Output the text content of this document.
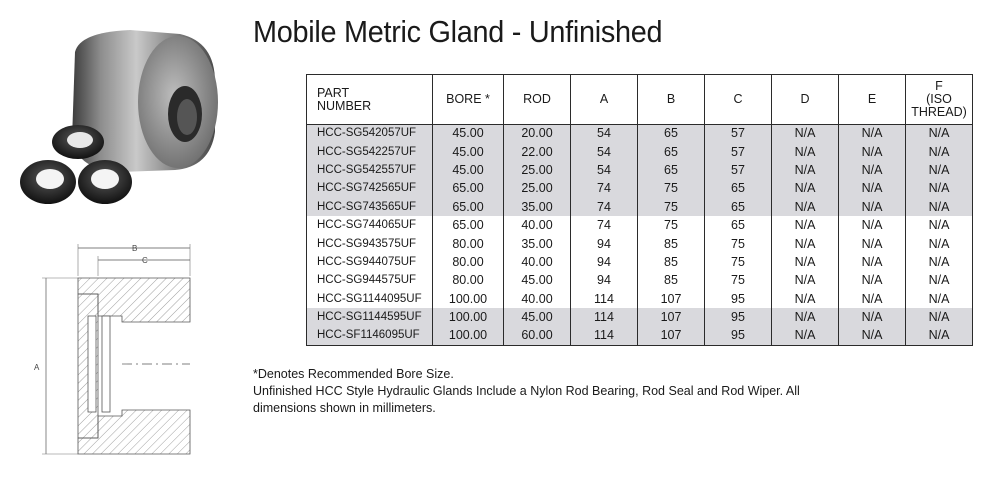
Mobile Metric Gland - Unfinished
B
C
A
PART
NUMBER	BORE *	ROD	A	B	C	D	E	F
(ISO
THREAD)
HCC-SG542057UF	45.00	20.00	54	65	57	N/A	N/A	N/A
HCC-SG542257UF	45.00	22.00	54	65	57	N/A	N/A	N/A
HCC-SG542557UF	45.00	25.00	54	65	57	N/A	N/A	N/A
HCC-SG742565UF	65.00	25.00	74	75	65	N/A	N/A	N/A
HCC-SG743565UF	65.00	35.00	74	75	65	N/A	N/A	N/A
HCC-SG744065UF	65.00	40.00	74	75	65	N/A	N/A	N/A
HCC-SG943575UF	80.00	35.00	94	85	75	N/A	N/A	N/A
HCC-SG944075UF	80.00	40.00	94	85	75	N/A	N/A	N/A
HCC-SG944575UF	80.00	45.00	94	85	75	N/A	N/A	N/A
HCC-SG1144095UF	100.00	40.00	114	107	95	N/A	N/A	N/A
HCC-SG1144595UF	100.00	45.00	114	107	95	N/A	N/A	N/A
HCC-SF1146095UF	100.00	60.00	114	107	95	N/A	N/A	N/A
*Denotes Recommended Bore Size.
Unfinished HCC Style Hydraulic Glands Include a Nylon Rod Bearing, Rod Seal and Rod Wiper. All dimensions shown in millimeters.
